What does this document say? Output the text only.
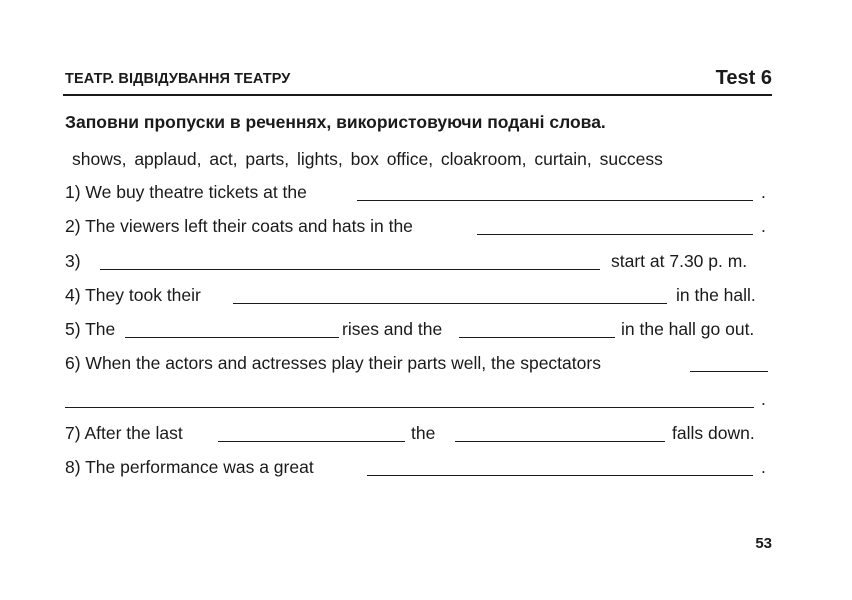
ТЕАТР. ВІДВІДУВАННЯ ТЕАТРУ	Test 6
Заповни пропуски в реченнях, використовуючи подані слова.
shows, applaud, act, parts, lights, box office, cloakroom, curtain, success
1) We buy theatre tickets at the	.
2) The viewers left their coats and hats in the	.
3)	start at 7.30 p. m.
4) They took their	in the hall.
5) The	rises and the	in the hall go out.
6) When the actors and actresses play their parts well, the spectators
.
7) After the last	the	falls down.
8) The performance was a great	.
53
